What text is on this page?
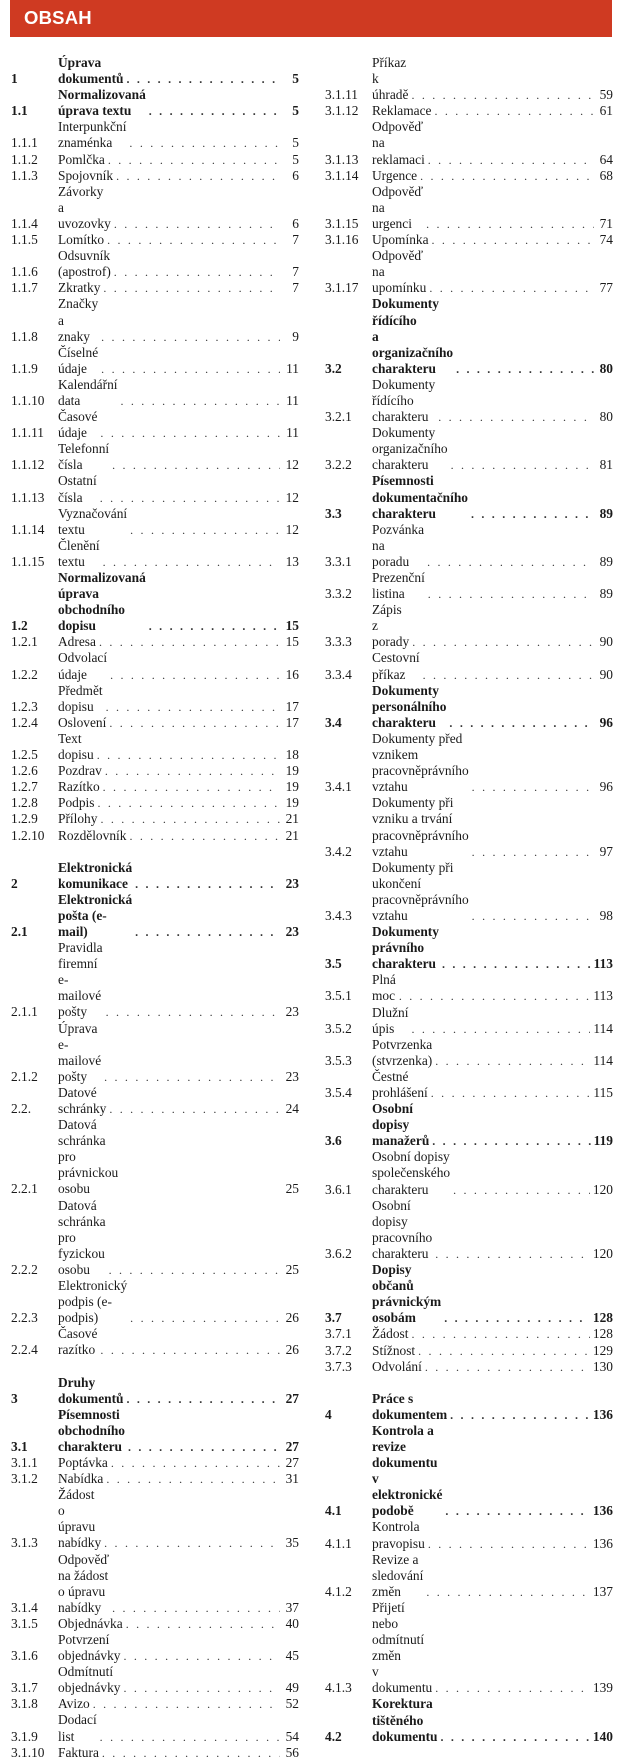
OBSAH
1
Úprava dokumentů . . .	5
1.1
Normalizovaná úprava textu . . .	5
1.1.1
Interpunkční znaménka . . .	5
1.1.2	Pomlčka . . .	5
1.1.3	Spojovník . . .	6
1.1.4
Závorky a uvozovky . . .	6
1.1.5	Lomítko . . .	7
1.1.6
Odsuvník (apostrof) . . .	7
1.1.7	Zkratky . . .	7
1.1.8
Značky a znaky . . .	9
1.1.9
Číselné údaje . . .	11
1.1.10
Kalendářní data . . .	11
1.1.11
Časové údaje . . .	11
1.1.12
Telefonní čísla . . .	12
1.1.13
Ostatní čísla . . .	12
1.1.14
Vyznačování textu . . .	12
1.1.15
Členění textu . . .	13
1.2
Normalizovaná úprava
obchodního dopisu . . .	15
1.2.1	Adresa . . .	15
1.2.2
Odvolací údaje . . .	16
1.2.3
Předmět dopisu . . .	17
1.2.4	Oslovení . . .	17
1.2.5
Text dopisu . . .	18
1.2.6	Pozdrav . . .	19
1.2.7	Razítko . . .	19
1.2.8	Podpis . . .	19
1.2.9	Přílohy . . .	21
1.2.10	Rozdělovník . . .	21
2
Elektronická komunikace . . .	23
2.1
Elektronická pošta (e-mail) . . .	23
2.1.1
Pravidla firemní e-mailové pošty . . .	23
2.1.2
Úprava e-mailové pošty . . .	23
2.2.
Datové schránky . . .	24
2.2.1
Datová schránka pro právnickou osobu	25
2.2.2
Datová schránka pro fyzickou osobu . . .	25
2.2.3
Elektronický podpis (e-podpis) . . .	26
2.2.4
Časové razítko . . .	26
3
Druhy dokumentů . . .	27
3.1
Písemnosti obchodního charakteru . . .	27
3.1.1	Poptávka . . .	27
3.1.2	Nabídka . . .	31
3.1.3
Žádost o úpravu nabídky . . .	35
3.1.4
Odpověď na žádost o úpravu nabídky . . .	37
3.1.5	Objednávka . . .	40
3.1.6
Potvrzení objednávky . . .	45
3.1.7
Odmítnutí objednávky . . .	49
3.1.8	Avizo . . .	52
3.1.9
Dodací list . . .	54
3.1.10	Faktura . . .	56
3.1.11
Příkaz k úhradě . . .	59
3.1.12	Reklamace . . .	61
3.1.13
Odpověď na reklamaci . . .	64
3.1.14	Urgence . . .	68
3.1.15
Odpověď na urgenci . . .	71
3.1.16	Upomínka . . .	74
3.1.17
Odpověď na upomínku . . .	77
3.2
Dokumenty řídícího
a organizačního charakteru . . .	80
3.2.1
Dokumenty řídícího charakteru . . .	80
3.2.2
Dokumenty organizačního
charakteru . . .	81
3.3
Písemnosti dokumentačního
charakteru . . .	89
3.3.1
Pozvánka na poradu . . .	89
3.3.2
Prezenční listina . . .	89
3.3.3
Zápis z porady . . .	90
3.3.4
Cestovní příkaz . . .	90
3.4
Dokumenty personálního
charakteru . . .	96
3.4.1
Dokumenty před vznikem
pracovněprávního vztahu . . .	96
3.4.2
Dokumenty při vzniku a trvání
pracovněprávního vztahu . . .	97
3.4.3
Dokumenty při ukončení
pracovněprávního vztahu . . .	98
3.5
Dokumenty právního charakteru . . .	113
3.5.1
Plná moc . . .	113
3.5.2
Dlužní úpis . . .	114
3.5.3
Potvrzenka (stvrzenka) . . .	114
3.5.4
Čestné prohlášení . . .	115
3.6
Osobní dopisy manažerů . . .	119
3.6.1
Osobní dopisy společenského
charakteru . . .	120
3.6.2
Osobní dopisy pracovního
charakteru . . .	120
3.7
Dopisy občanů právnickým
osobám . . .	128
3.7.1	Žádost . . .	128
3.7.2	Stížnost . . .	129
3.7.3	Odvolání . . .	130
4
Práce s dokumentem . . .	136
4.1
Kontrola a revize dokumentu
v elektronické podobě . . .	136
4.1.1
Kontrola pravopisu . . .	136
4.1.2
Revize a sledování změn . . .	137
4.1.3
Přijetí nebo odmítnutí změn
v dokumentu . . .	139
4.2
Korektura tištěného dokumentu . . .	140
